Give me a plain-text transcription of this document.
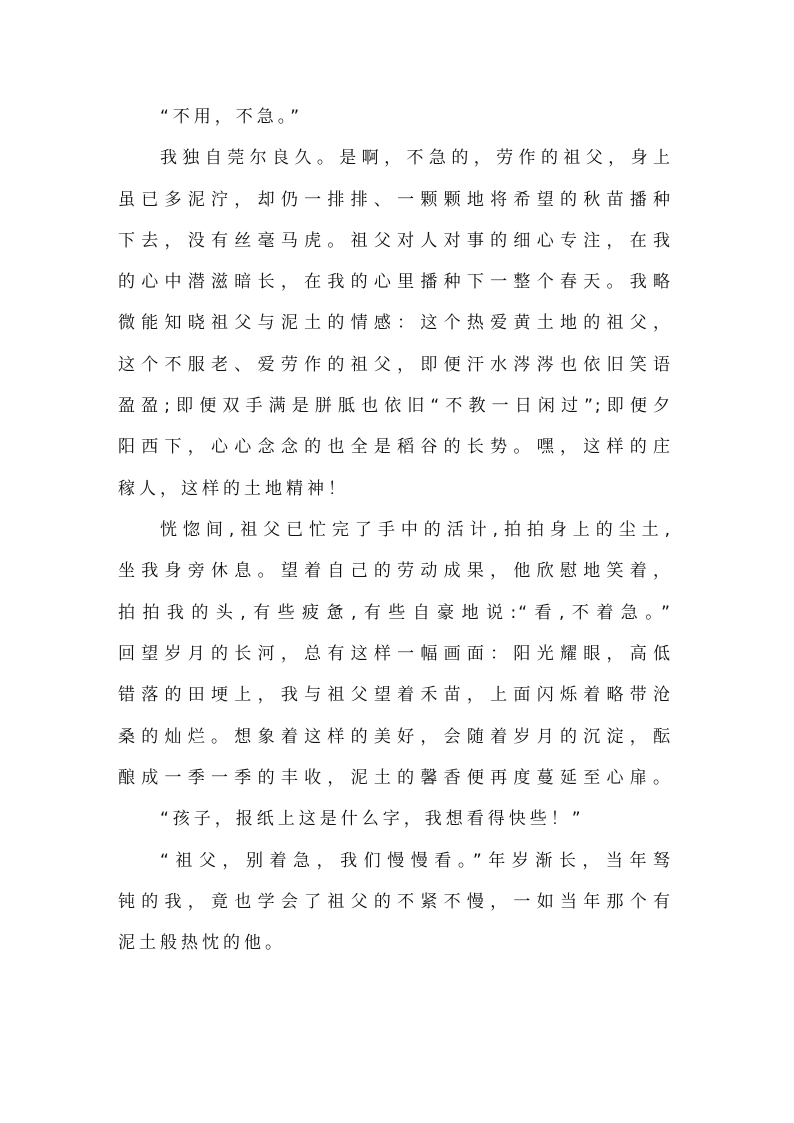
“不用，不急。”
我独自莞尔良久。是啊，不急的，劳作的祖父，身上
虽已多泥泞，却仍一排排、一颗颗地将希望的秋苗播种
下去，没有丝毫马虎。祖父对人对事的细心专注，在我
的心中潜滋暗长，在我的心里播种下一整个春天。我略
微能知晓祖父与泥土的情感：这个热爱黄土地的祖父，
这个不服老、爱劳作的祖父，即便汗水涔涔也依旧笑语
盈盈;即便双手满是胼胝也依旧“不教一日闲过”;即便夕
阳西下，心心念念的也全是稻谷的长势。嘿，这样的庄
稼人，这样的土地精神！
恍惚间,祖父已忙完了手中的活计,拍拍身上的尘土,
坐我身旁休息。望着自己的劳动成果，他欣慰地笑着，
拍拍我的头,有些疲惫,有些自豪地说:“看,不着急。”
回望岁月的长河，总有这样一幅画面：阳光耀眼，高低
错落的田埂上，我与祖父望着禾苗，上面闪烁着略带沧
桑的灿烂。想象着这样的美好，会随着岁月的沉淀，酝
酿成一季一季的丰收，泥土的馨香便再度蔓延至心扉。
“孩子，报纸上这是什么字，我想看得快些！”
“祖父，别着急，我们慢慢看。”年岁渐长，当年驽
钝的我，竟也学会了祖父的不紧不慢，一如当年那个有
泥土般热忱的他。
